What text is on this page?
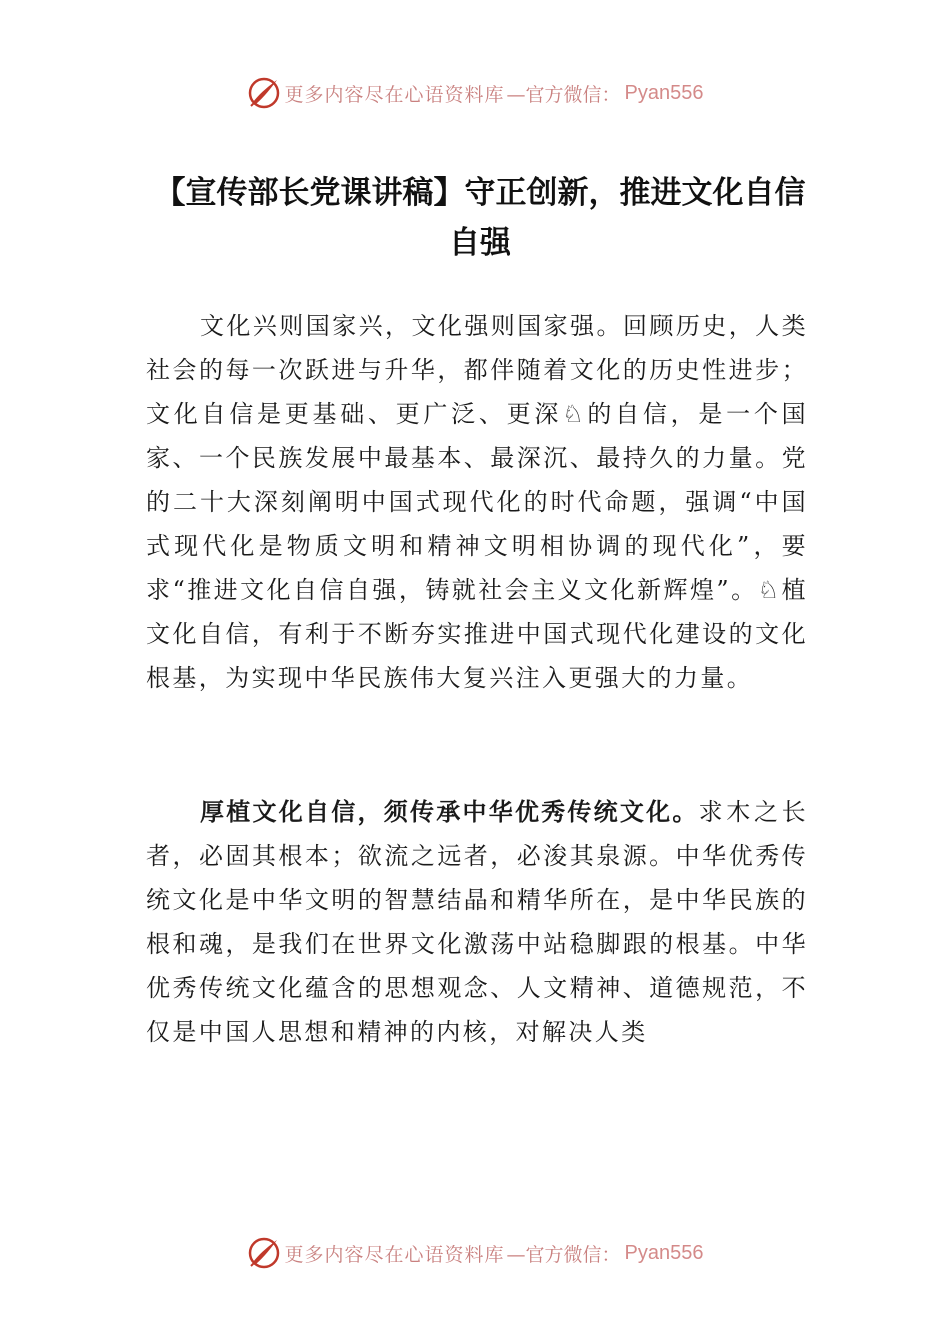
更多内容尽在心语资料库 —官方微信： Pyan556
【宣传部长党课讲稿】守正创新，推进文化自信自强
文化兴则国家兴，文化强则国家强。回顾历史，人类社会的每一次跃进与升华，都伴随着文化的历史性进步；文化自信是更基础、更广泛、更深♘的自信，是一个国家、一个民族发展中最基本、最深沉、最持久的力量。党的二十大深刻阐明中国式现代化的时代命题，强调“中国式现代化是物质文明和精神文明相协调的现代化”，要求“推进文化自信自强，铸就社会主义文化新辉煌”。♘植文化自信，有利于不断夯实推进中国式现代化建设的文化根基，为实现中华民族伟大复兴注入更强大的力量。
厚植文化自信，须传承中华优秀传统文化。求木之长者，必固其根本；欲流之远者，必浚其泉源。中华优秀传统文化是中华文明的智慧结晶和精华所在，是中华民族的根和魂，是我们在世界文化激荡中站稳脚跟的根基。中华优秀传统文化蕴含的思想观念、人文精神、道德规范，不仅是中国人思想和精神的内核，对解决人类
更多内容尽在心语资料库 —官方微信： Pyan556
